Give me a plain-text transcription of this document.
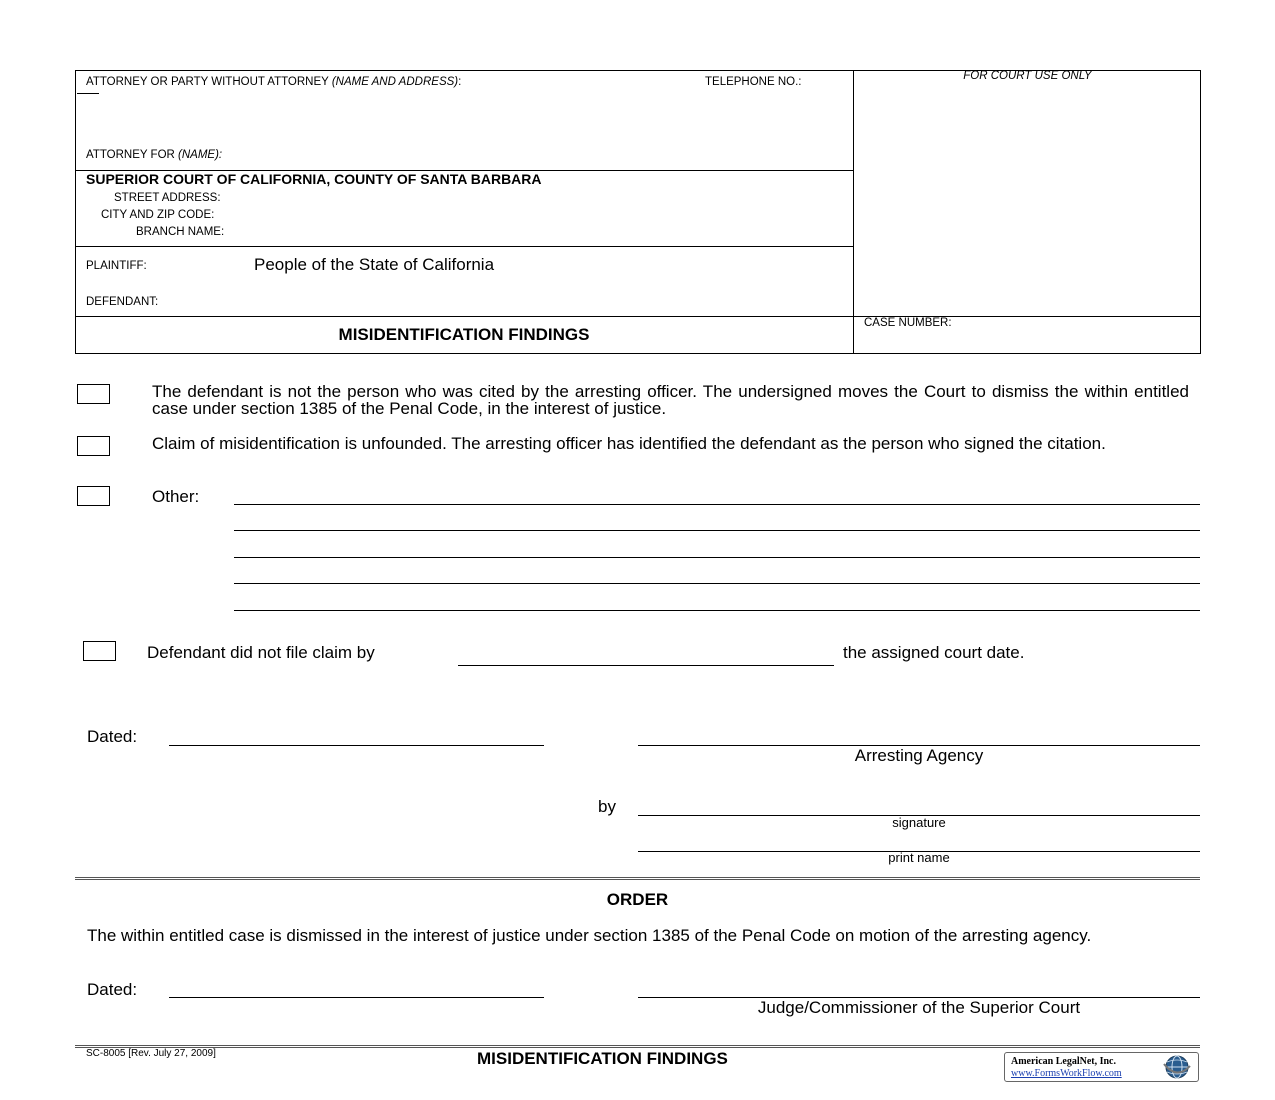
ATTORNEY OR PARTY WITHOUT ATTORNEY (NAME AND ADDRESS):	TELEPHONE NO.:	FOR COURT USE ONLY
ATTORNEY FOR (NAME):
SUPERIOR COURT OF CALIFORNIA, COUNTY OF SANTA BARBARA
STREET ADDRESS:
CITY AND ZIP CODE:
BRANCH NAME:
PLAINTIFF:	People of the State of California
DEFENDANT:
MISIDENTIFICATION FINDINGS
CASE NUMBER:
The defendant is not the person who was cited by the arresting officer. The undersigned moves the Court to dismiss the within entitled case under section 1385 of the Penal Code, in the interest of justice.
Claim of misidentification is unfounded. The arresting officer has identified the defendant as the person who signed the citation.
Other:
Defendant did not file claim by	the assigned court date.
Dated:
Arresting Agency
by
signature
print name
ORDER
The within entitled case is dismissed in the interest of justice under section 1385 of the Penal Code on motion of the arresting agency.
Dated:
Judge/Commissioner of the Superior Court
SC-8005 [Rev. July 27, 2009]	MISIDENTIFICATION FINDINGS	American LegalNet, Inc.
www.FormsWorkFlow.com
